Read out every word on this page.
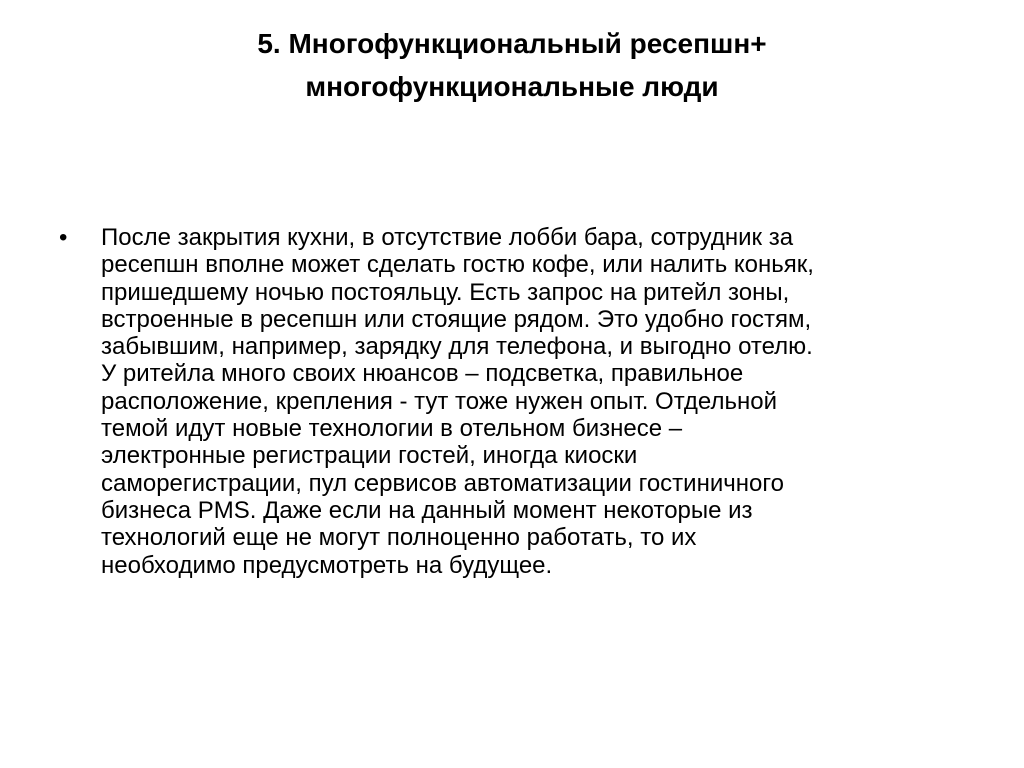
5. Многофункциональный ресепшн+
многофункциональные люди
• После закрытия кухни, в отсутствие лобби бара, сотрудник за
ресепшн вполне может сделать гостю кофе, или налить коньяк,
пришедшему ночью постояльцу. Есть запрос на ритейл зоны,
встроенные в ресепшн или стоящие рядом. Это удобно гостям,
забывшим, например, зарядку для телефона, и выгодно отелю.
У ритейла много своих нюансов – подсветка, правильное
расположение, крепления - тут тоже нужен опыт. Отдельной
темой идут новые технологии в отельном бизнесе –
электронные регистрации гостей, иногда киоски
саморегистрации, пул сервисов автоматизации гостиничного
бизнеса PMS. Даже если на данный момент некоторые из
технологий еще не могут полноценно работать, то их
необходимо предусмотреть на будущее.
